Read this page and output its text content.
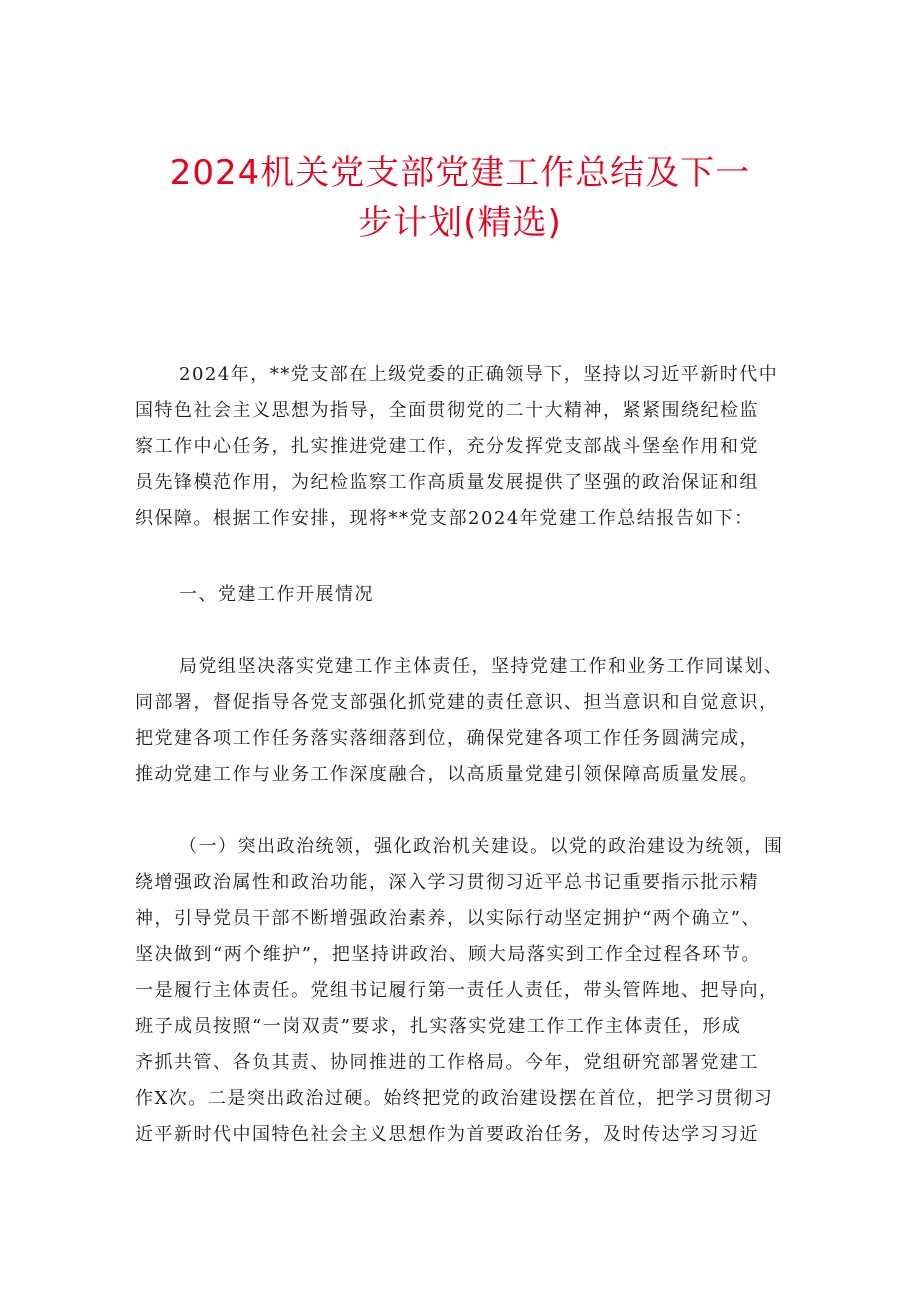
2024机关党支部党建工作总结及下一
步计划(精选)
2024年，**党支部在上级党委的正确领导下，坚持以习近平新时代中
国特色社会主义思想为指导，全面贯彻党的二十大精神，紧紧围绕纪检监
察工作中心任务，扎实推进党建工作，充分发挥党支部战斗堡垒作用和党
员先锋模范作用，为纪检监察工作高质量发展提供了坚强的政治保证和组
织保障。根据工作安排，现将**党支部2024年党建工作总结报告如下：
一、党建工作开展情况
局党组坚决落实党建工作主体责任，坚持党建工作和业务工作同谋划、
同部署，督促指导各党支部强化抓党建的责任意识、担当意识和自觉意识，
把党建各项工作任务落实落细落到位，确保党建各项工作任务圆满完成，
推动党建工作与业务工作深度融合，以高质量党建引领保障高质量发展。
（一）突出政治统领，强化政治机关建设。以党的政治建设为统领，围
绕增强政治属性和政治功能，深入学习贯彻习近平总书记重要指示批示精
神，引导党员干部不断增强政治素养，以实际行动坚定拥护“两个确立”、
坚决做到“两个维护”，把坚持讲政治、顾大局落实到工作全过程各环节。
一是履行主体责任。党组书记履行第一责任人责任，带头管阵地、把导向，
班子成员按照“一岗双责”要求，扎实落实党建工作工作主体责任，形成
齐抓共管、各负其责、协同推进的工作格局。今年，党组研究部署党建工
作X次。二是突出政治过硬。始终把党的政治建设摆在首位，把学习贯彻习
近平新时代中国特色社会主义思想作为首要政治任务，及时传达学习习近
